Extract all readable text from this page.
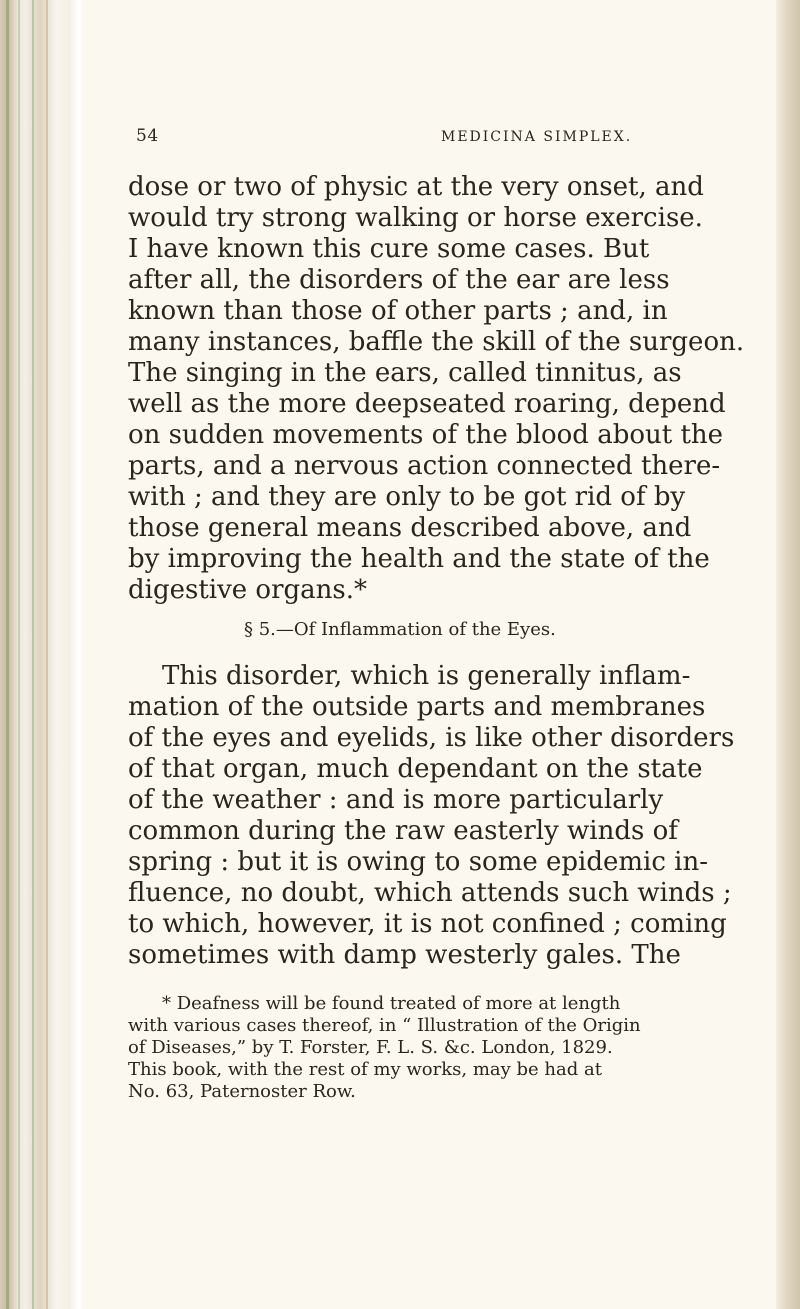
54	MEDICINA SIMPLEX.
dose or two of physic at the very onset, and
would try strong walking or horse exercise.
I have known this cure some cases. But
after all, the disorders of the ear are less
known than those of other parts ; and, in
many instances, baffle the skill of the surgeon.
The singing in the ears, called tinnitus, as
well as the more deepseated roaring, depend
on sudden movements of the blood about the
parts, and a nervous action connected there-
with ; and they are only to be got rid of by
those general means described above, and
by improving the health and the state of the
digestive organs.*
§ 5.—Of Inflammation of the Eyes.
This disorder, which is generally inflam-
mation of the outside parts and membranes
of the eyes and eyelids, is like other disorders
of that organ, much dependant on the state
of the weather : and is more particularly
common during the raw easterly winds of
spring : but it is owing to some epidemic in-
fluence, no doubt, which attends such winds ;
to which, however, it is not confined ; coming
sometimes with damp westerly gales. The
* Deafness will be found treated of more at length
with various cases thereof, in “ Illustration of the Origin
of Diseases,” by T. Forster, F. L. S. &c. London, 1829.
This book, with the rest of my works, may be had at
No. 63, Paternoster Row.
